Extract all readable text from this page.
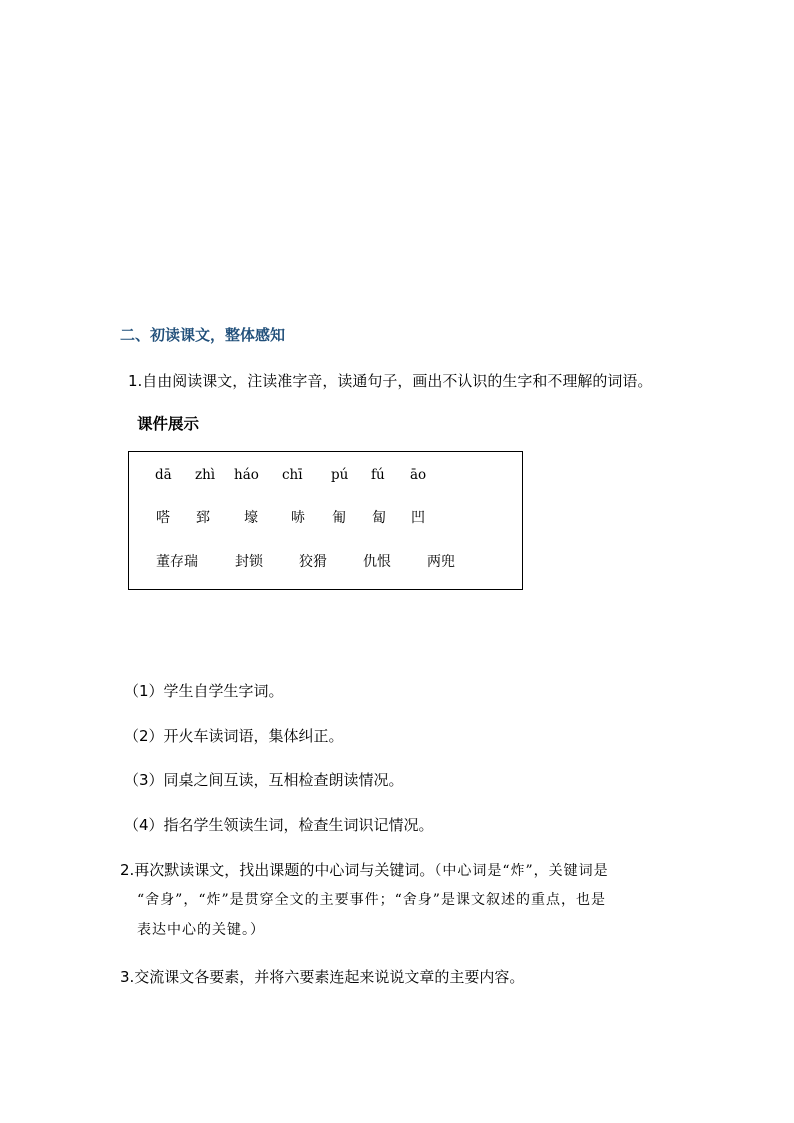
二、初读课文，整体感知
1.自由阅读课文，注读准字音，读通句子，画出不认识的生字和不理解的词语。
课件展示
dā zhì háo chī pú fú āo
嗒 郅 壕 哧 匍 匐 凹
董存瑞	封锁	狡猾	仇恨	两兜
（1）学生自学生字词。
（2）开火车读词语，集体纠正。
（3）同桌之间互读，互相检查朗读情况。
（4）指名学生领读生词，检查生词识记情况。
2.再次默读课文，找出课题的中心词与关键词。（中心词是“炸”，关键词是
“舍身”，“炸”是贯穿全文的主要事件；“舍身”是课文叙述的重点，也是
表达中心的关键。）
3.交流课文各要素，并将六要素连起来说说文章的主要内容。
